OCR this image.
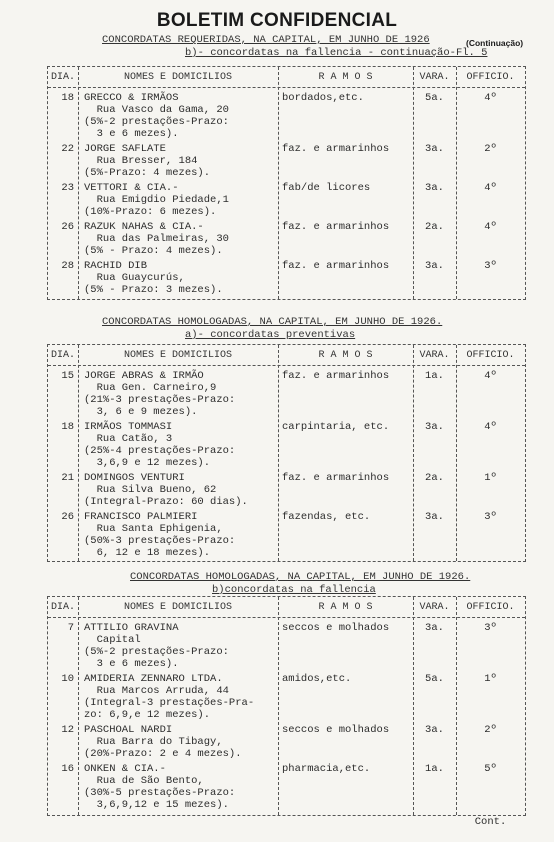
BOLETIM CONFIDENCIAL
(Continuação)
CONCORDATAS REQUERIDAS, NA CAPITAL, EM JUNHO DE 1926
b)- concordatas na fallencia - continuação-Fl. 5
DIA.	NOMES E DOMICILIOS	R A M O S	VARA.	OFFICIO.
18 GRECCO & IRMÃOS
Rua Vasco da Gama, 20
(5%-2 prestações-Prazo:
3 e 6 mezes).
bordados,etc.	5a.	4º
22 JORGE SAFLATE
Rua Bresser, 184
(5%-Prazo: 4 mezes).
faz. e armarinhos	3a.	2º
23 VETTORI & CIA.-
Rua Emigdio Piedade,1
(10%-Prazo: 6 mezes).
fab/de licores	3a.	4º
26 RAZUK NAHAS & CIA.-
Rua das Palmeiras, 30
(5% - Prazo: 4 mezes).
faz. e armarinhos	2a.	4º
28 RACHID DIB
Rua Guaycurús,
(5% - Prazo: 3 mezes).
faz. e armarinhos	3a.	3º
CONCORDATAS HOMOLOGADAS, NA CAPITAL, EM JUNHO DE 1926.
a)- concordatas preventivas
DIA.	NOMES E DOMICILIOS	R A M O S	VARA.	OFFICIO.
15 JORGE ABRAS & IRMÃO
Rua Gen. Carneiro,9
(21%-3 prestações-Prazo:
3, 6 e 9 mezes).
faz. e armarinhos	1a.	4º
18 IRMÃOS TOMMASI
Rua Catão, 3
(25%-4 prestações-Prazo:
3,6,9 e 12 mezes).
carpintaria, etc.	3a.	4º
21 DOMINGOS VENTURI
Rua Silva Bueno, 62
(Integral-Prazo: 60 dias).
faz. e armarinhos	2a.	1º
26 FRANCISCO PALMIERI
Rua Santa Ephigenia,
(50%-3 prestações-Prazo:
6, 12 e 18 mezes).
fazendas, etc.	3a.	3º
CONCORDATAS HOMOLOGADAS, NA CAPITAL, EM JUNHO DE 1926.
b)concordatas na fallencia
DIA.	NOMES E DOMICILIOS	R A M O S	VARA.	OFFICIO.
7 ATTILIO GRAVINA
Capital
(5%-2 prestações-Prazo:
3 e 6 mezes).
seccos e molhados	3a.	3º
10 AMIDERIA ZENNARO LTDA.
Rua Marcos Arruda, 44
(Integral-3 prestações-Pra-
zo: 6,9,e 12 mezes).
amidos,etc.	5a.	1º
12 PASCHOAL NARDI
Rua Barra do Tibagy,
(20%-Prazo: 2 e 4 mezes).
seccos e molhados	3a.	2º
16 ONKEN & CIA.-
Rua de São Bento,
(30%-5 prestações-Prazo:
3,6,9,12 e 15 mezes).
pharmacia,etc.	1a.	5º
Cont.
